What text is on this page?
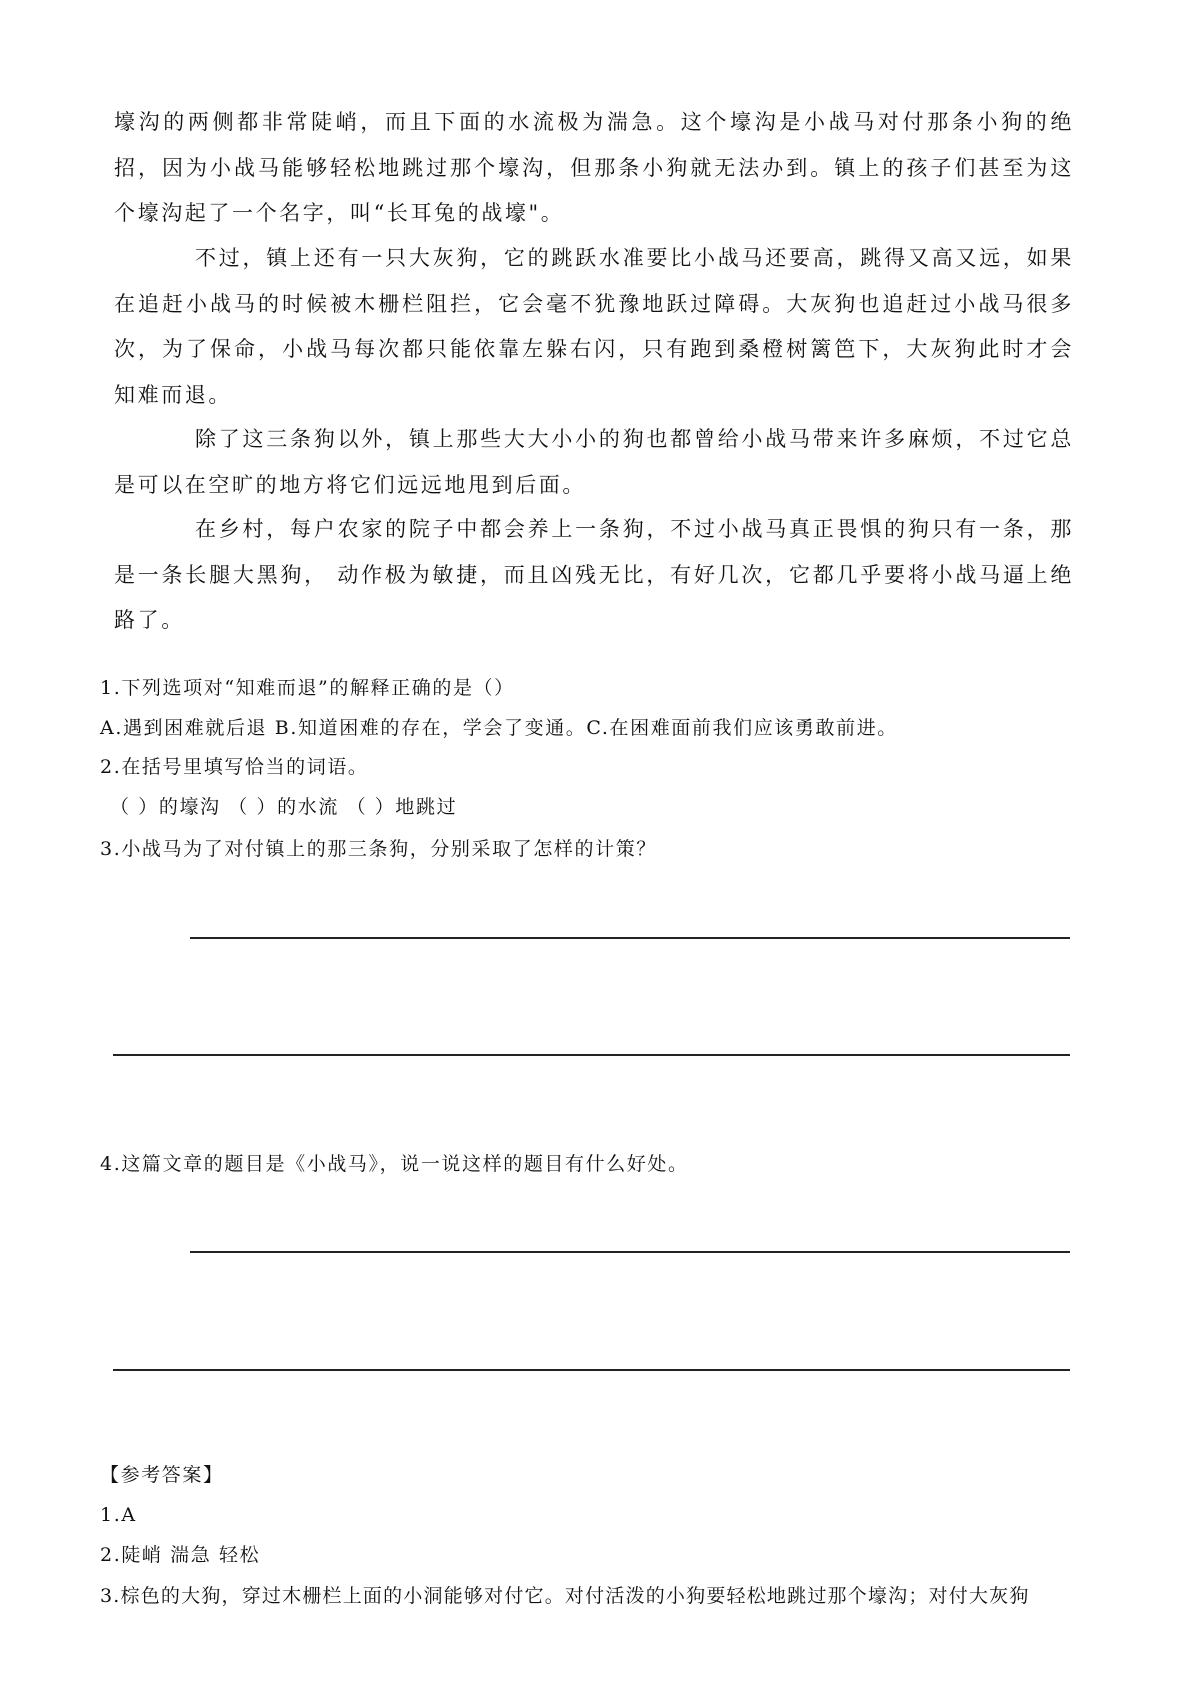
壕沟的两侧都非常陡峭，而且下面的水流极为湍急。这个壕沟是小战马对付那条小狗的绝招，因为小战马能够轻松地跳过那个壕沟，但那条小狗就无法办到。镇上的孩子们甚至为这个壕沟起了一个名字，叫“长耳兔的战壕"。

不过，镇上还有一只大灰狗，它的跳跃水准要比小战马还要高，跳得又高又远，如果在追赶小战马的时候被木栅栏阻拦，它会毫不犹豫地跃过障碍。大灰狗也追赶过小战马很多次，为了保命，小战马每次都只能依靠左躲右闪，只有跑到桑橙树篱笆下，大灰狗此时才会知难而退。

除了这三条狗以外，镇上那些大大小小的狗也都曾给小战马带来许多麻烦，不过它总是可以在空旷的地方将它们远远地甩到后面。

在乡村，每户农家的院子中都会养上一条狗，不过小战马真正畏惧的狗只有一条，那是一条长腿大黑狗， 动作极为敏捷，而且凶残无比，有好几次，它都几乎要将小战马逼上绝路了。

1.下列选项对“知难而退”的解释正确的是（）

A.遇到困难就后退 B.知道困难的存在，学会了变通。C.在困难面前我们应该勇敢前进。

2.在括号里填写恰当的词语。

（ ）的壕沟 （ ）的水流 （ ）地跳过

3.小战马为了对付镇上的那三条狗，分别采取了怎样的计策？

4.这篇文章的题目是《小战马》，说一说这样的题目有什么好处。

【参考答案】

1.A

2.陡峭 湍急 轻松

3.棕色的大狗，穿过木栅栏上面的小洞能够对付它。对付活泼的小狗要轻松地跳过那个壕沟；对付大灰狗
